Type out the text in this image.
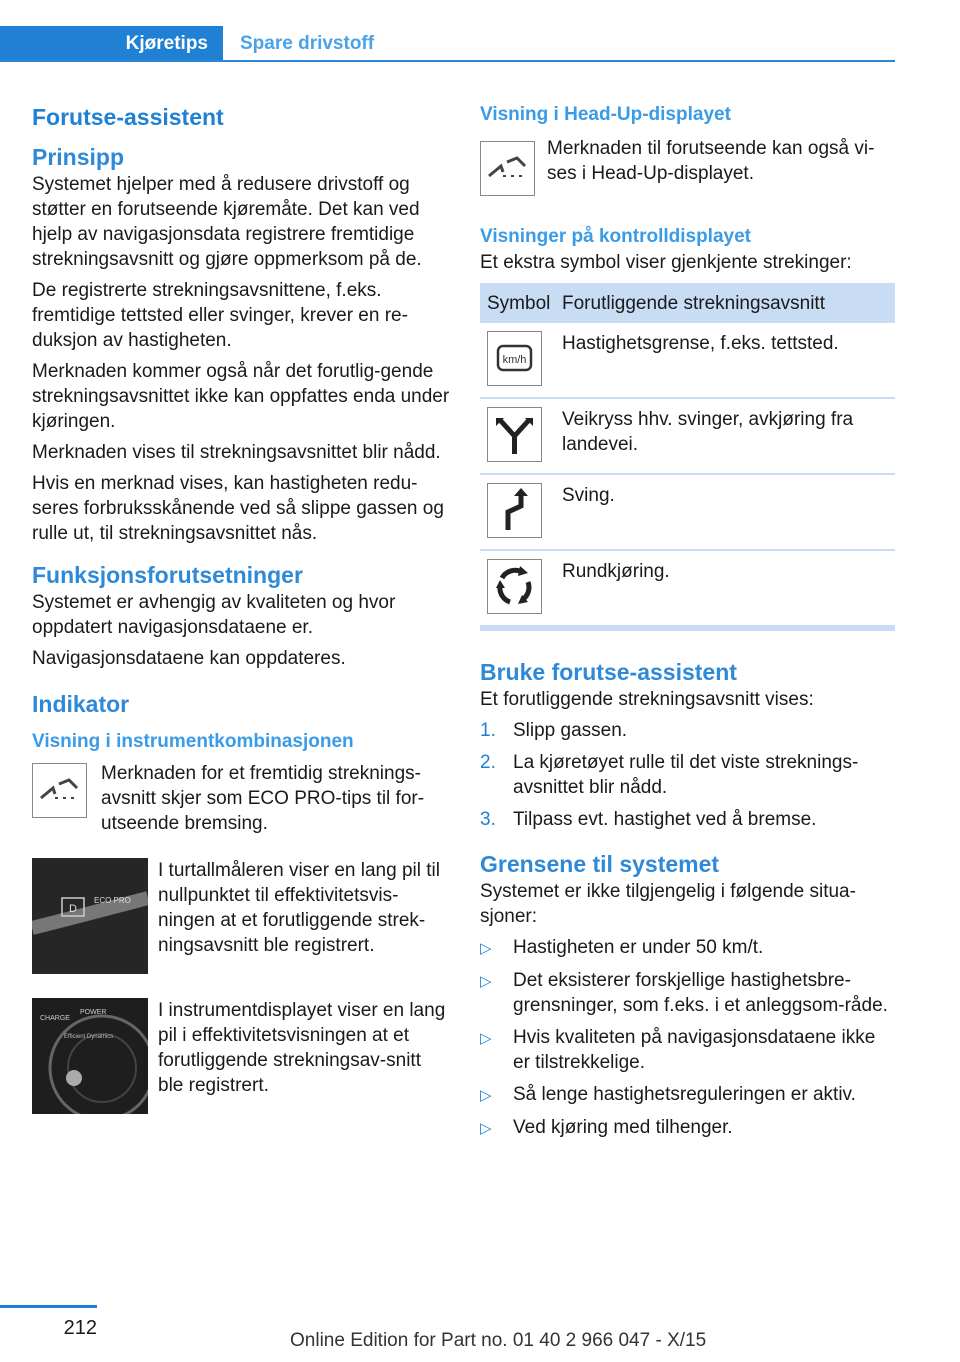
Kjøretips	Spare drivstoff
Forutse-assistent
Prinsipp

Systemet hjelper med å redusere drivstoff og støtter en forutseende kjøremåte. Det kan ved hjelp av navigasjonsdata registrere fremtidige strekningsavsnitt og gjøre oppmerksom på de.

De registrerte strekningsavsnittene, f.eks. fremtidige tettsted eller svinger, krever en re‐duksjon av hastigheten.

Merknaden kommer også når det forutlig‐gende strekningsavsnittet ikke kan oppfattes enda under kjøringen.

Merknaden vises til strekningsavsnittet blir nådd.

Hvis en merknad vises, kan hastigheten redu‐seres forbruksskånende ved så slippe gassen og rulle ut, til strekningsavsnittet nås.

Funksjonsforutsetninger

Systemet er avhengig av kvaliteten og hvor oppdatert navigasjonsdataene er.

Navigasjonsdataene kan oppdateres.

Indikator
Visning i instrumentkombinasjonen
Merknaden for et fremtidig streknings‐avsnitt skjer som ECO PRO-tips til for‐utseende bremsing.
D
ECO PRO
I turtallmåleren viser en lang pil til nullpunktet til effektivitetsvis‐ningen at et forutliggende strek‐ningsavsnitt ble registrert.
CHARGE
POWER
Efficient Dynamics
I instrumentdisplayet viser en lang pil i effektivitetsvisningen at et forutliggende strekningsav‐snitt ble registrert.
Visning i Head-Up-displayet
Merknaden til forutseende kan også vi‐ses i Head-Up-displayet.
Visninger på kontrolldisplayet

Et ekstra symbol viser gjenkjente strekinger:

Symbol	Forutliggende strekningsavsnitt

km/h	Hastighetsgrense, f.eks. tettsted.

	Veikryss hhv. svinger, avkjøring fra landevei.

	Sving.

	Rundkjøring.
Bruke forutse-assistent

Et forutliggende strekningsavsnitt vises:

1. Slipp gassen.
2. La kjøretøyet rulle til det viste streknings‐avsnittet blir nådd.
3. Tilpass evt. hastighet ved å bremse.
Grensene til systemet

Systemet er ikke tilgjengelig i følgende situa‐sjoner:

▷	Hastigheten er under 50 km/t.
▷	Det eksisterer forskjellige hastighetsbre‐grensninger, som f.eks. i et anleggsom‐råde.
▷	Hvis kvaliteten på navigasjonsdataene ikke er tilstrekkelige.
▷	Så lenge hastighetsreguleringen er aktiv.
▷	Ved kjøring med tilhenger.
212
Online Edition for Part no. 01 40 2 966 047 - X/15
